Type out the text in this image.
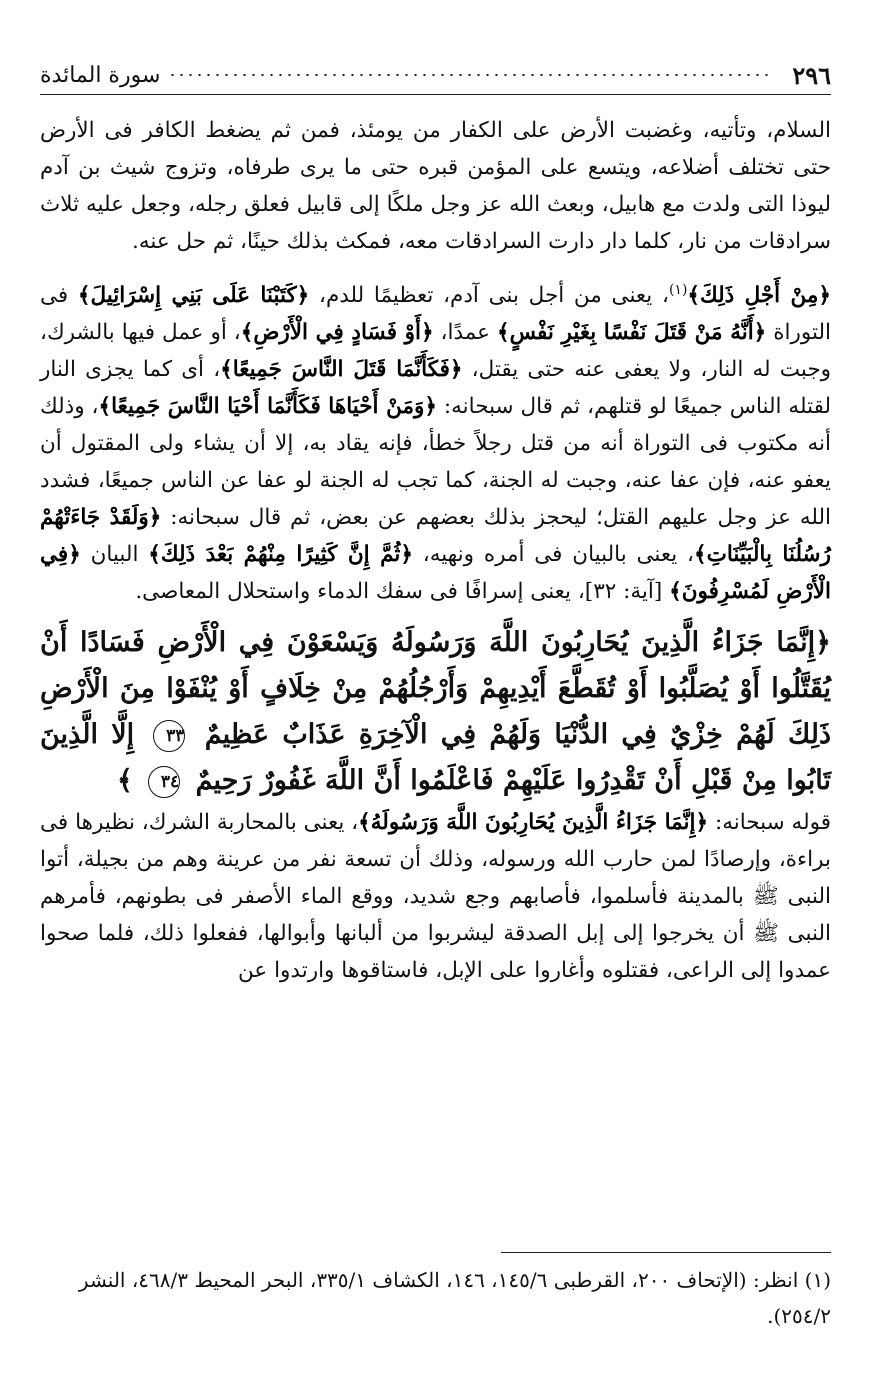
٢٩٦
سورة المائدة

السلام، وتأتيه، وغضبت الأرض على الكفار من يومئذ، فمن ثم يضغط الكافر فى الأرض حتى تختلف أضلاعه، ويتسع على المؤمن قبره حتى ما يرى طرفاه، وتزوج شيث بن آدم ليوذا التى ولدت مع هابيل، وبعث الله عز وجل ملكًا إلى قابيل فعلق رجله، وجعل عليه ثلاث سرادقات من نار، كلما دار دارت السرادقات معه، فمكث بذلك حينًا، ثم حل عنه.

﴿مِنْ أَجْلِ ذَلِكَ﴾$^{(١)}$، يعنى من أجل بنى آدم، تعظيمًا للدم، ﴿كَتَبْنَا عَلَى بَنِي إِسْرَائِيلَ﴾ فى التوراة ﴿أَنَّهُ مَنْ قَتَلَ نَفْسًا بِغَيْرِ نَفْسٍ﴾ عمدًا، ﴿أَوْ فَسَادٍ فِي الْأَرْضِ﴾، أو عمل فيها بالشرك، وجبت له النار، ولا يعفى عنه حتى يقتل، ﴿فَكَأَنَّمَا قَتَلَ النَّاسَ جَمِيعًا﴾، أى كما يجزى النار لقتله الناس جميعًا لو قتلهم، ثم قال سبحانه: ﴿وَمَنْ أَحْيَاهَا فَكَأَنَّمَا أَحْيَا النَّاسَ جَمِيعًا﴾، وذلك أنه مكتوب فى التوراة أنه من قتل رجلاً خطأ، فإنه يقاد به، إلا أن يشاء ولى المقتول أن يعفو عنه، فإن عفا عنه، وجبت له الجنة، كما تجب له الجنة لو عفا عن الناس جميعًا، فشدد الله عز وجل عليهم القتل؛ ليحجز بذلك بعضهم عن بعض، ثم قال سبحانه: ﴿وَلَقَدْ جَاءَتْهُمْ رُسُلُنَا بِالْبَيِّنَاتِ﴾، يعنى بالبيان فى أمره ونهيه، ﴿ثُمَّ إِنَّ كَثِيرًا مِنْهُمْ بَعْدَ ذَلِكَ﴾ البيان ﴿فِي الْأَرْضِ لَمُسْرِفُونَ﴾ [آية: ٣٢]، يعنى إسرافًا فى سفك الدماء واستحلال المعاصى.

﴿إِنَّمَا جَزَاءُ الَّذِينَ يُحَارِبُونَ اللَّهَ وَرَسُولَهُ وَيَسْعَوْنَ فِي الْأَرْضِ فَسَادًا أَنْ يُقَتَّلُوا أَوْ يُصَلَّبُوا أَوْ تُقَطَّعَ أَيْدِيهِمْ وَأَرْجُلُهُمْ مِنْ خِلَافٍ أَوْ يُنْفَوْا مِنَ الْأَرْضِ ذَلِكَ لَهُمْ خِزْيٌ فِي الدُّنْيَا وَلَهُمْ فِي الْآخِرَةِ عَذَابٌ عَظِيمٌ ٣٣ إِلَّا الَّذِينَ تَابُوا مِنْ قَبْلِ أَنْ تَقْدِرُوا عَلَيْهِمْ فَاعْلَمُوا أَنَّ اللَّهَ غَفُورٌ رَحِيمٌ ٣٤ ﴾

قوله سبحانه: ﴿إِنَّمَا جَزَاءُ الَّذِينَ يُحَارِبُونَ اللَّهَ وَرَسُولَهُ﴾، يعنى بالمحاربة الشرك، نظيرها فى براءة، وإرصادًا لمن حارب الله ورسوله، وذلك أن تسعة نفر من عرينة وهم من بجيلة، أتوا النبى ﷺ بالمدينة فأسلموا، فأصابهم وجع شديد، ووقع الماء الأصفر فى بطونهم، فأمرهم النبى ﷺ أن يخرجوا إلى إبل الصدقة ليشربوا من ألبانها وأبوالها، ففعلوا ذلك، فلما صحوا عمدوا إلى الراعى، فقتلوه وأغاروا على الإبل، فاستاقوها وارتدوا عن

(١) انظر: (الإتحاف ٢٠٠، القرطبى ١٤٥/٦، ١٤٦، الكشاف ٣٣٥/١، البحر المحيط ٤٦٨/٣، النشر ٢٥٤/٢).
